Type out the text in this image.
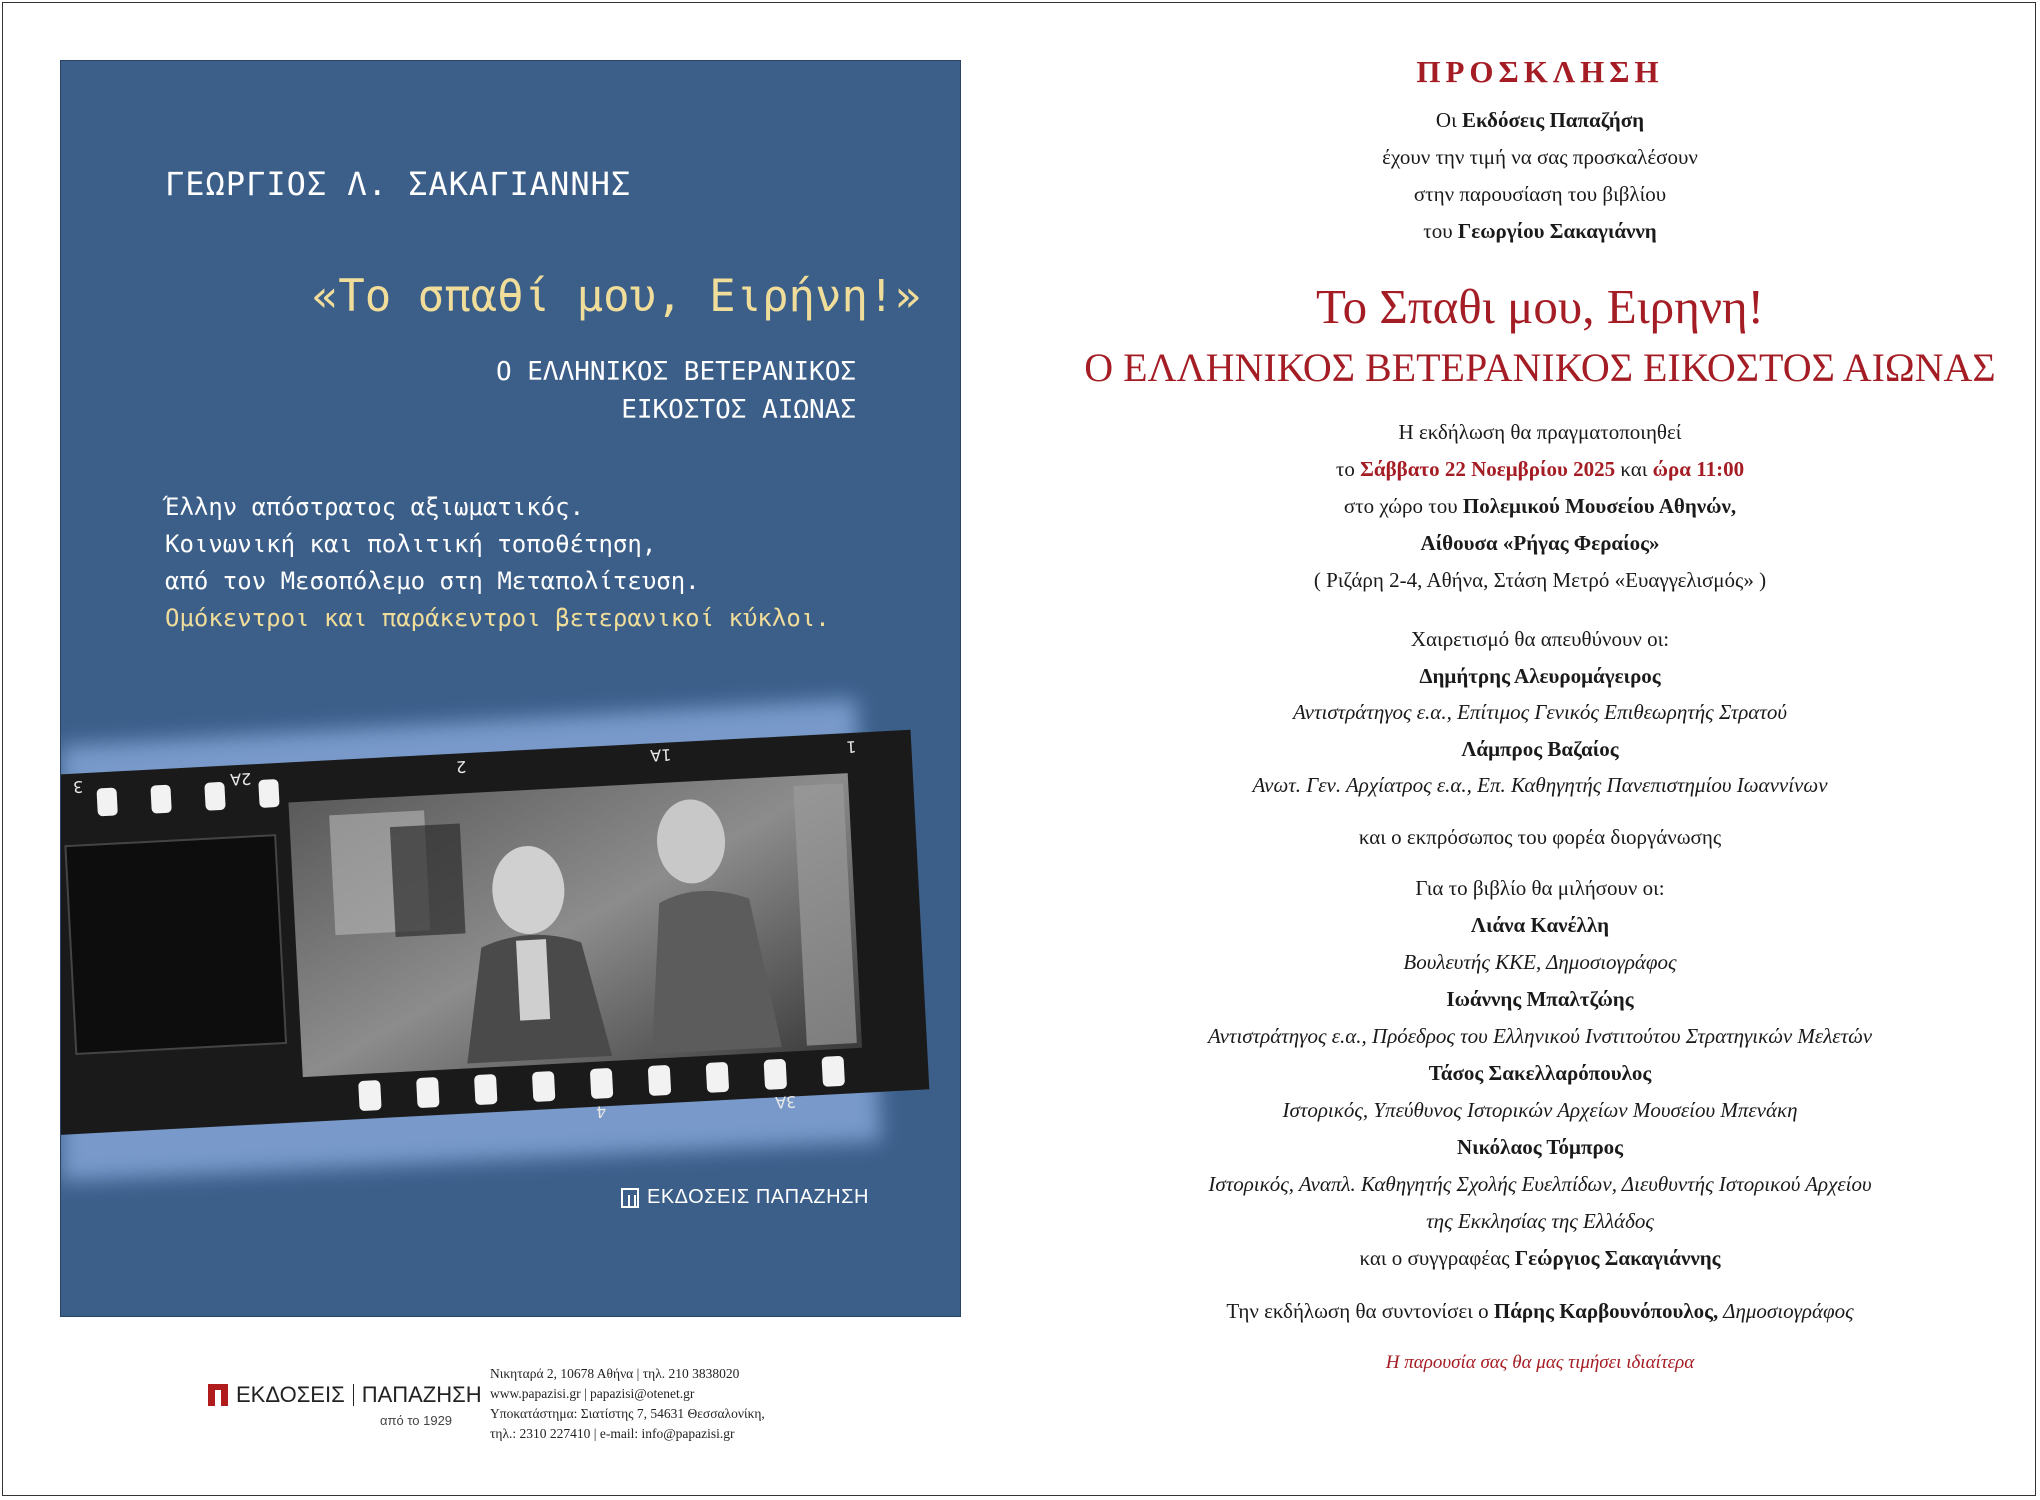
ΓΕΩΡΓΙΟΣ Λ. ΣΑΚΑΓΙΑΝΝΗΣ
«Το σπαθί μου, Ειρήνη!»
Ο ΕΛΛΗΝΙΚΟΣ ΒΕΤΕΡΑΝΙΚΟΣ
ΕΙΚΟΣΤΟΣ ΑΙΩΝΑΣ
Έλλην απόστρατος αξιωματικός.
Κοινωνική και πολιτική τοποθέτηση,
από τον Μεσοπόλεμο στη Μεταπολίτευση.
Ομόκεντροι και παράκεντροι βετερανικοί κύκλοι.
3	2A
2
1A	1
4	3A
ΕΚΔΟΣΕΙΣ ΠΑΠΑΖΗΣΗ
ΕΚΔΟΣΕΙΣ ΠΑΠΑΖΗΣΗ
από το 1929
Νικηταρά 2, 10678 Αθήνα | τηλ. 210 3838020
www.papazisi.gr | papazisi@otenet.gr
Υποκατάστημα: Σιατίστης 7, 54631 Θεσσαλονίκη,
τηλ.: 2310 227410 | e-mail: info@papazisi.gr

ΠΡΟΣΚΛΗΣΗ

Οι Εκδόσεις Παπαζήση

έχουν την τιμή να σας προσκαλέσουν

στην παρουσίαση του βιβλίου

του Γεωργίου Σακαγιάννη

Το Σπαθι μου, Ειρηνη!

Ο ΕΛΛΗΝΙΚΟΣ ΒΕΤΕΡΑΝΙΚΟΣ ΕΙΚΟΣΤΟΣ ΑΙΩΝΑΣ

Η εκδήλωση θα πραγματοποιηθεί

το Σάββατο 22 Νοεμβρίου 2025 και ώρα 11:00

στο χώρο του Πολεμικού Μουσείου Αθηνών,

Αίθουσα «Ρήγας Φεραίος»

( Ριζάρη 2-4, Αθήνα, Στάση Μετρό «Ευαγγελισμός» )

Χαιρετισμό θα απευθύνουν οι:

Δημήτρης Αλευρομάγειρος

Αντιστράτηγος ε.α., Επίτιμος Γενικός Επιθεωρητής Στρατού

Λάμπρος Βαζαίος

Ανωτ. Γεν. Αρχίατρος ε.α., Επ. Καθηγητής Πανεπιστημίου Ιωαννίνων

και ο εκπρόσωπος του φορέα διοργάνωσης

Για το βιβλίο θα μιλήσουν οι:

Λιάνα Κανέλλη

Βουλευτής ΚΚΕ, Δημοσιογράφος

Ιωάννης Μπαλτζώης

Αντιστράτηγος ε.α., Πρόεδρος του Ελληνικού Ινστιτούτου Στρατηγικών Μελετών

Τάσος Σακελλαρόπουλος

Ιστορικός, Υπεύθυνος Ιστορικών Αρχείων Μουσείου Μπενάκη

Νικόλαος Τόμπρος

Ιστορικός, Αναπλ. Καθηγητής Σχολής Ευελπίδων, Διευθυντής Ιστορικού Αρχείου

της Εκκλησίας της Ελλάδος

και ο συγγραφέας Γεώργιος Σακαγιάννης

Την εκδήλωση θα συντονίσει ο Πάρης Καρβουνόπουλος, Δημοσιογράφος

Η παρουσία σας θα μας τιμήσει ιδιαίτερα
